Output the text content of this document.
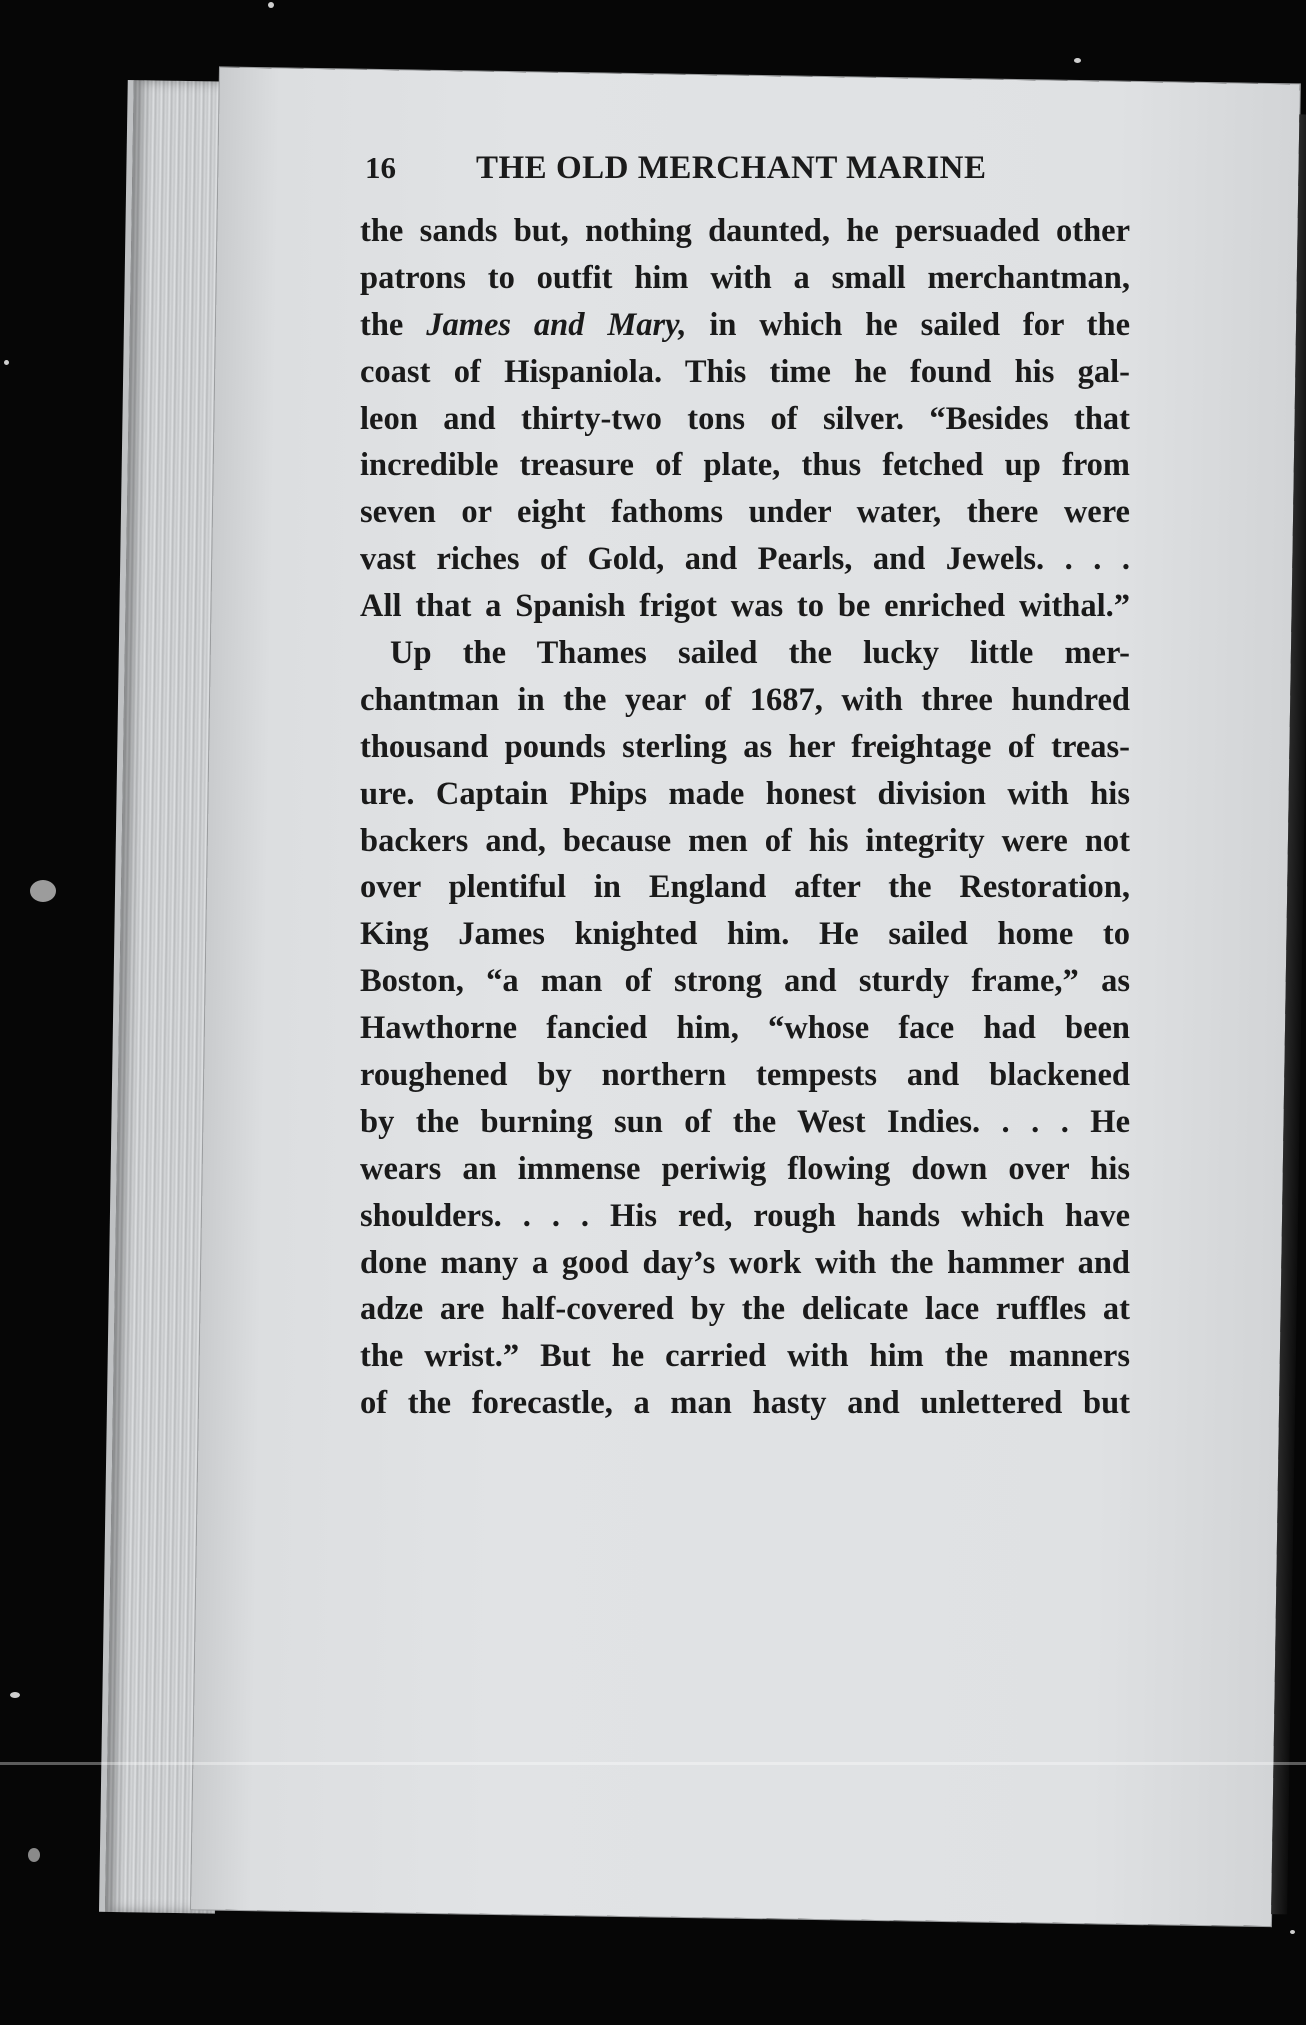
16 THE OLD MERCHANT MARINE
the sands but, nothing daunted, he persuaded other
patrons to outfit him with a small merchantman,
the James and Mary, in which he sailed for the
coast of Hispaniola. This time he found his gal-
leon and thirty-two tons of silver. “Besides that
incredible treasure of plate, thus fetched up from
seven or eight fathoms under water, there were
vast riches of Gold, and Pearls, and Jewels. . . .
All that a Spanish frigot was to be enriched withal.”
Up the Thames sailed the lucky little mer-
chantman in the year of 1687, with three hundred
thousand pounds sterling as her freightage of treas-
ure. Captain Phips made honest division with his
backers and, because men of his integrity were not
over plentiful in England after the Restoration,
King James knighted him. He sailed home to
Boston, “a man of strong and sturdy frame,” as
Hawthorne fancied him, “whose face had been
roughened by northern tempests and blackened
by the burning sun of the West Indies. . . . He
wears an immense periwig flowing down over his
shoulders. . . . His red, rough hands which have
done many a good day’s work with the hammer and
adze are half-covered by the delicate lace ruffles at
the wrist.” But he carried with him the manners
of the forecastle, a man hasty and unlettered but
